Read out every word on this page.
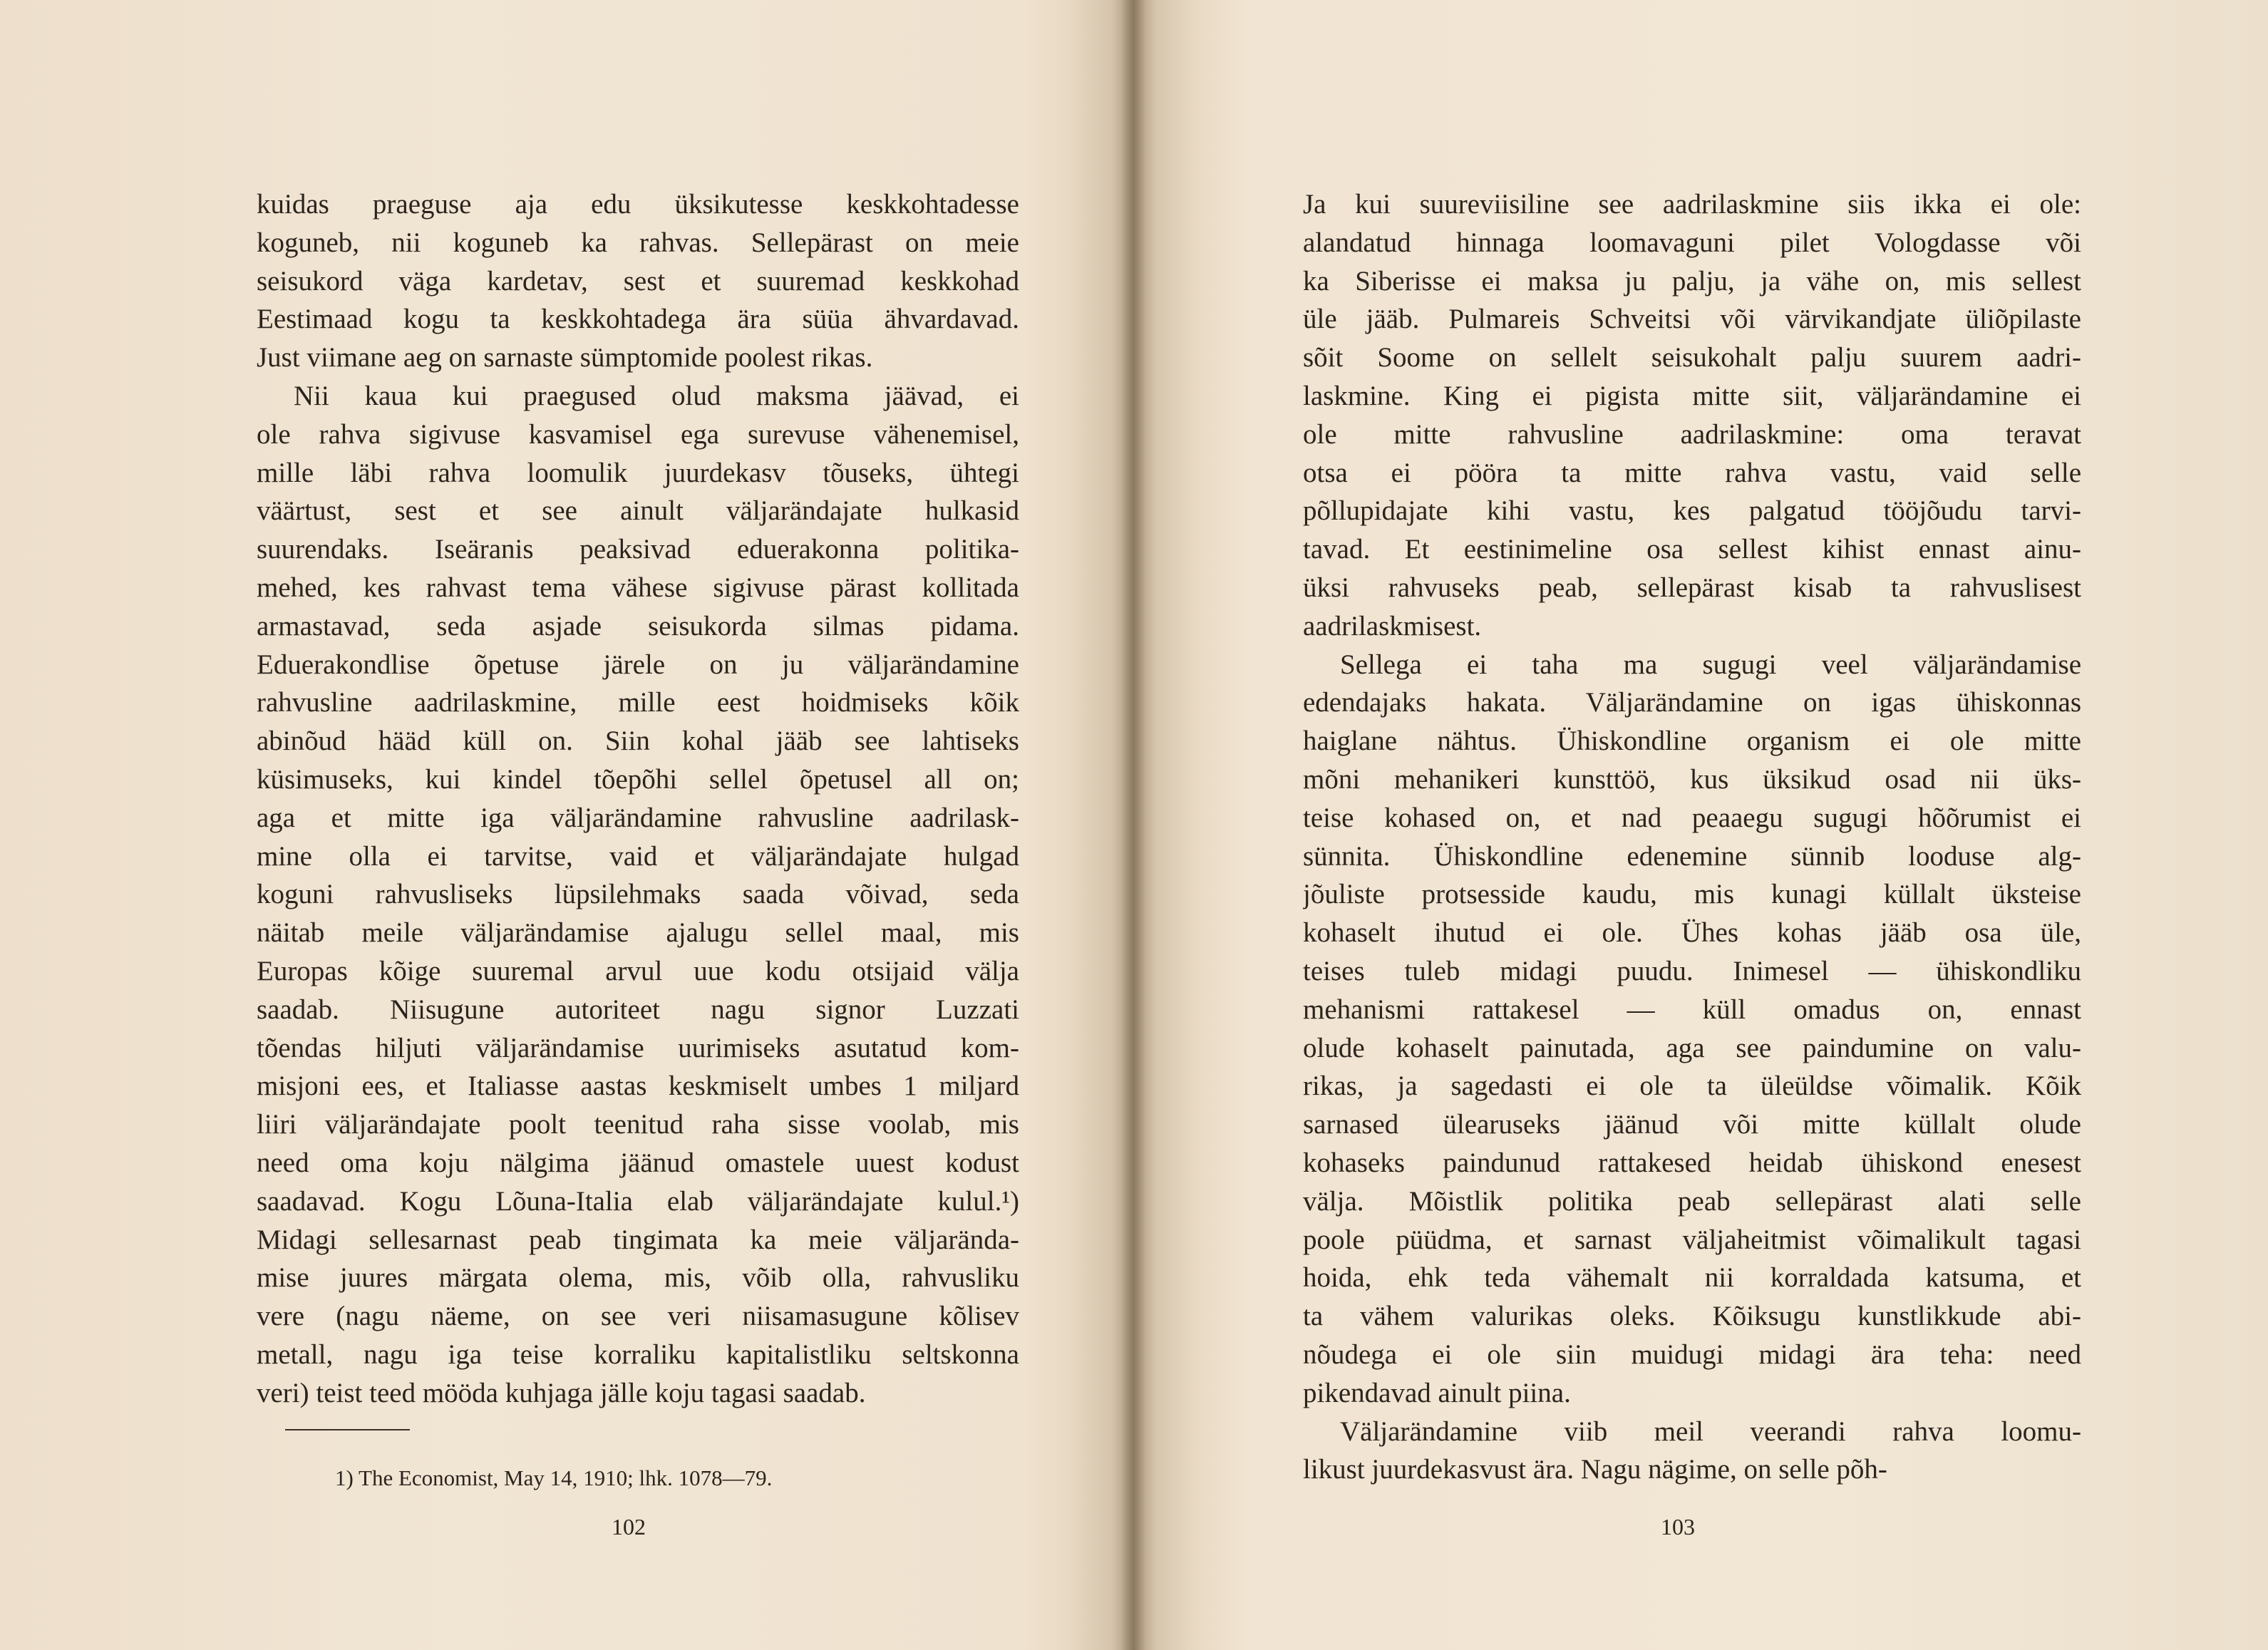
kuidas praeguse aja edu üksikutesse keskkohtadesse
koguneb, nii koguneb ka rahvas. Sellepärast on meie
seisukord väga kardetav, sest et suuremad keskkohad
Eestimaad kogu ta keskkohtadega ära süüa ähvardavad.
Just viimane aeg on sarnaste sümptomide poolest rikas.
Nii kaua kui praegused olud maksma jäävad, ei
ole rahva sigivuse kasvamisel ega surevuse vähenemisel,
mille läbi rahva loomulik juurdekasv tõuseks, ühtegi
väärtust, sest et see ainult väljarändajate hulkasid
suurendaks. Iseäranis peaksivad eduerakonna politika-
mehed, kes rahvast tema vähese sigivuse pärast kollitada
armastavad, seda asjade seisukorda silmas pidama.
Eduerakondlise õpetuse järele on ju väljarändamine
rahvusline aadrilaskmine, mille eest hoidmiseks kõik
abinõud hääd küll on. Siin kohal jääb see lahtiseks
küsimuseks, kui kindel tõepõhi sellel õpetusel all on;
aga et mitte iga väljarändamine rahvusline aadrilask-
mine olla ei tarvitse, vaid et väljarändajate hulgad
koguni rahvusliseks lüpsilehmaks saada võivad, seda
näitab meile väljarändamise ajalugu sellel maal, mis
Europas kõige suuremal arvul uue kodu otsijaid välja
saadab. Niisugune autoriteet nagu signor Luzzati
tõendas hiljuti väljarändamise uurimiseks asutatud kom-
misjoni ees, et Italiasse aastas keskmiselt umbes 1 miljard
liiri väljarändajate poolt teenitud raha sisse voolab, mis
need oma koju nälgima jäänud omastele uuest kodust
saadavad. Kogu Lõuna-Italia elab väljarändajate kulul.¹)
Midagi sellesarnast peab tingimata ka meie väljarända-
mise juures märgata olema, mis, võib olla, rahvusliku
vere (nagu näeme, on see veri niisamasugune kõlisev
metall, nagu iga teise korraliku kapitalistliku seltskonna
veri) teist teed mööda kuhjaga jälle koju tagasi saadab.
1) The Economist, May 14, 1910; lhk. 1078—79.
102
Ja kui suureviisiline see aadrilaskmine siis ikka ei ole:
alandatud hinnaga loomavaguni pilet Vologdasse või
ka Siberisse ei maksa ju palju, ja vähe on, mis sellest
üle jääb. Pulmareis Schveitsi või värvikandjate üliõpilaste
sõit Soome on sellelt seisukohalt palju suurem aadri-
laskmine. King ei pigista mitte siit, väljarändamine ei
ole mitte rahvusline aadrilaskmine: oma teravat
otsa ei pööra ta mitte rahva vastu, vaid selle
põllupidajate kihi vastu, kes palgatud tööjõudu tarvi-
tavad. Et eestinimeline osa sellest kihist ennast ainu-
üksi rahvuseks peab, sellepärast kisab ta rahvuslisest
aadrilaskmisest.
Sellega ei taha ma sugugi veel väljarändamise
edendajaks hakata. Väljarändamine on igas ühiskonnas
haiglane nähtus. Ühiskondline organism ei ole mitte
mõni mehanikeri kunsttöö, kus üksikud osad nii üks-
teise kohased on, et nad peaaegu sugugi hõõrumist ei
sünnita. Ühiskondline edenemine sünnib looduse alg-
jõuliste protsesside kaudu, mis kunagi küllalt üksteise
kohaselt ihutud ei ole. Ühes kohas jääb osa üle,
teises tuleb midagi puudu. Inimesel — ühiskondliku
mehanismi rattakesel — küll omadus on, ennast
olude kohaselt painutada, aga see paindumine on valu-
rikas, ja sagedasti ei ole ta üleüldse võimalik. Kõik
sarnased ülearuseks jäänud või mitte küllalt olude
kohaseks paindunud rattakesed heidab ühiskond enesest
välja. Mõistlik politika peab sellepärast alati selle
poole püüdma, et sarnast väljaheitmist võimalikult tagasi
hoida, ehk teda vähemalt nii korraldada katsuma, et
ta vähem valurikas oleks. Kõiksugu kunstlikkude abi-
nõudega ei ole siin muidugi midagi ära teha: need
pikendavad ainult piina.
Väljarändamine viib meil veerandi rahva loomu-
likust juurdekasvust ära. Nagu nägime, on selle põh-
103
